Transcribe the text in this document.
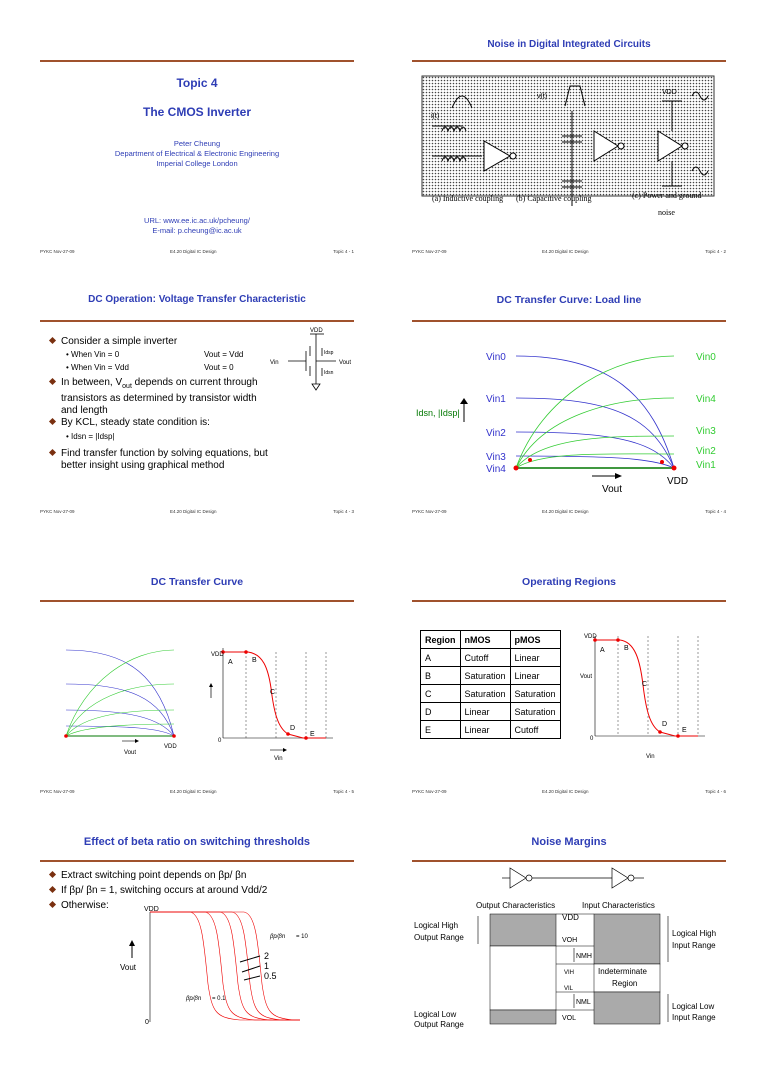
Topic 4
The CMOS Inverter
Peter Cheung
Department of Electrical & Electronic Engineering
Imperial College London
URL: www.ee.ic.ac.uk/pcheung/
E-mail: p.cheung@ic.ac.uk
PYKC Nov-27-09	E4.20 Digital IC Design	Topic 4 - 1
Noise in Digital Integrated Circuits
i(t)
v(t)
VDD
(a) Inductive coupling (b) Capacitive coupling	(c) Power and ground
noise
PYKC Nov-27-09	E4.20 Digital IC Design	Topic 4 - 2
DC Operation: Voltage Transfer Characteristic
Consider a simple inverter
• When Vin = 0	Vout = Vdd
• When Vin = Vdd	Vout = 0
In between, $V_{out}$ depends on current through
transistors as determined by transistor width
and length
By KCL, steady state condition is:
• Idsn = |Idsp|
Find transfer function by solving equations, but
better insight using graphical method
VDD
Vin	Vout
Idsp
Idsn
PYKC Nov-27-09	E4.20 Digital IC Design	Topic 4 - 3
DC Transfer Curve: Load line
Vin0
Vin1
Vin2
Vin3
Vin4
Vin0
Vin4
Vin3
Vin2
Vin1
Idsn, |Idsp|
Vout
VDD
PYKC Nov-27-09	E4.20 Digital IC Design	Topic 4 - 4
DC Transfer Curve
Vout
VDD
VDD
0
Vin
A	B
C
D
E
PYKC Nov-27-09	E4.20 Digital IC Design	Topic 4 - 5
Operating Regions
Region	nMOS	pMOS
A	Cutoff	Linear
B	Saturation	Linear
C	Saturation	Saturation
D	Linear	Saturation
E	Linear	Cutoff
VDD
0
Vout
Vin
A	B
C
D
E
PYKC Nov-27-09	E4.20 Digital IC Design	Topic 4 - 6
Effect of beta ratio on switching thresholds
Extract switching point depends on βp/ βn
If βp/ βn = 1, switching occurs at around Vdd/2
Otherwise:	VDD
Vout
0
βp/βn = 10
βp/βn = 0.1
2
1
0.5
Noise Margins
Output Characteristics	Input Characteristics
VDD
Logical High
Output Range	Logical High
Input Range
Logical Low
Output Range
Logical Low
Input Range
VOH
NMH
VIH
VIL
NML
VOL
Indeterminate
Region
